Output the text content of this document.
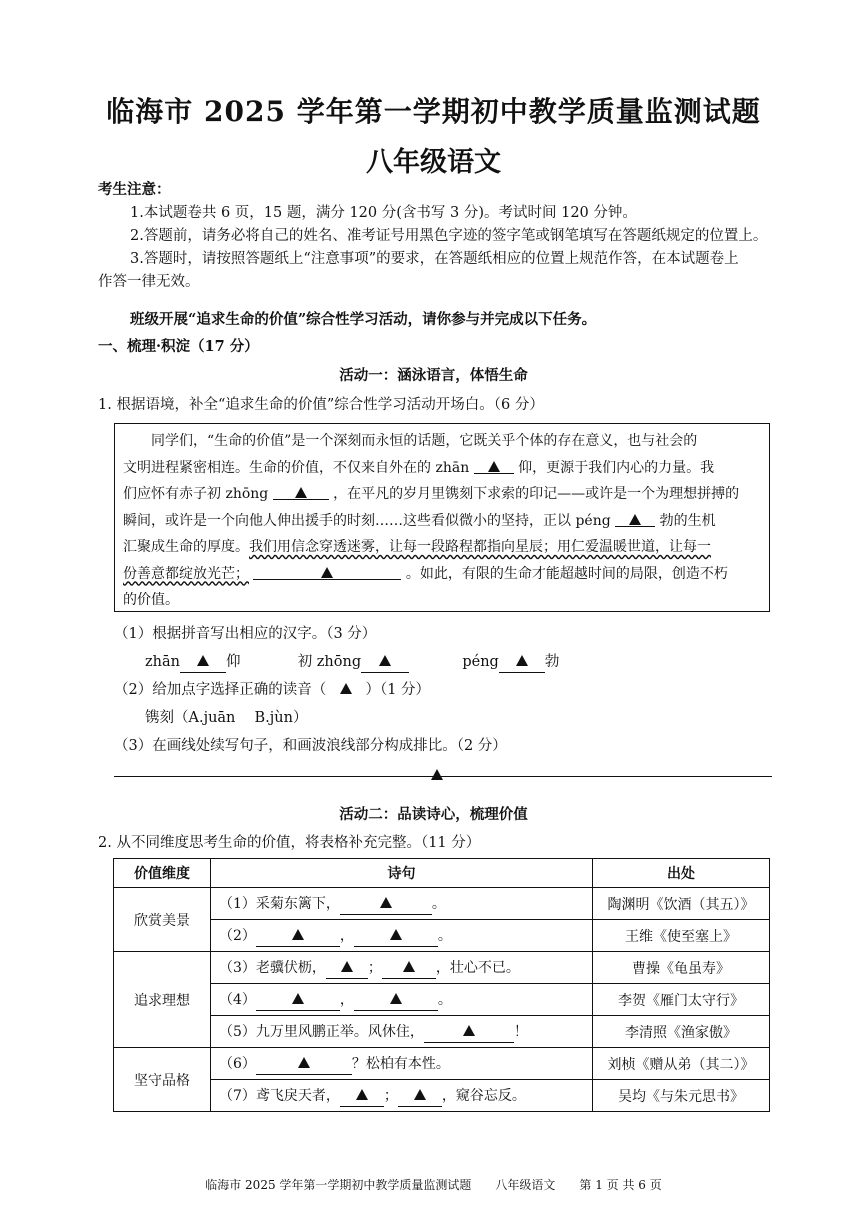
临海市 2025 学年第一学期初中教学质量监测试题
八年级语文
考生注意：
1.本试题卷共 6 页，15 题，满分 120 分(含书写 3 分)。考试时间 120 分钟。
2.答题前，请务必将自己的姓名、准考证号用黑色字迹的签字笔或钢笔填写在答题纸规定的位置上。
3.答题时，请按照答题纸上“注意事项”的要求，在答题纸相应的位置上规范作答，在本试题卷上
作答一律无效。
班级开展“追求生命的价值”综合性学习活动，请你参与并完成以下任务。
一、梳理·积淀（17 分）
活动一：涵泳语言，体悟生命
1. 根据语境，补全“追求生命的价值”综合性学习活动开场白。（6 分）
同学们，“生命的价值”是一个深刻而永恒的话题，它既关乎个体的存在意义，也与社会的
文明进程紧密相连。生命的价值，不仅来自外在的 zhān	仰，更源于我们内心的力量。我
们应怀有赤子初 zhōng	，在平凡的岁月里镌刻下求索的印记——或许是一个为理想拼搏的
瞬间，或许是一个向他人伸出援手的时刻……这些看似微小的坚持，正以 péng	勃的生机
汇聚成生命的厚度。我们用信念穿透迷雾，让每一段路程都指向星辰；用仁爱温暖世道，让每一
份善意都绽放光芒；	。如此，有限的生命才能超越时间的局限，创造不朽
的价值。
（1）根据拼音写出相应的汉字。（3 分）
zhān	仰	初 zhōng	péng	勃
（2）给加点字选择正确的读音（	）（1 分）
镌刻（A.juān　 B.jùn）
（3）在画线处续写句子，和画波浪线部分构成排比。（2 分）
活动二：品读诗心，梳理价值
2. 从不同维度思考生命的价值，将表格补充完整。（11 分）
价值维度	诗句	出处
欣赏美景	（1）采菊东篱下， 。	陶渊明《饮酒（其五）》
	（2） ， 。	王维《使至塞上》
追求理想	（3）老骥伏枥， ； ，壮心不已。	曹操《龟虽寿》
	（4） ， 。	李贺《雁门太守行》
	（5）九万里风鹏正举。风休住， ！	李清照《渔家傲》
坚守品格	（6） ？松柏有本性。	刘桢《赠从弟（其二）》
	（7）鸢飞戾天者， ； ，窥谷忘反。	吴均《与朱元思书》
临海市 2025 学年第一学期初中教学质量监测试题　　八年级语文　　第 1 页 共 6 页
